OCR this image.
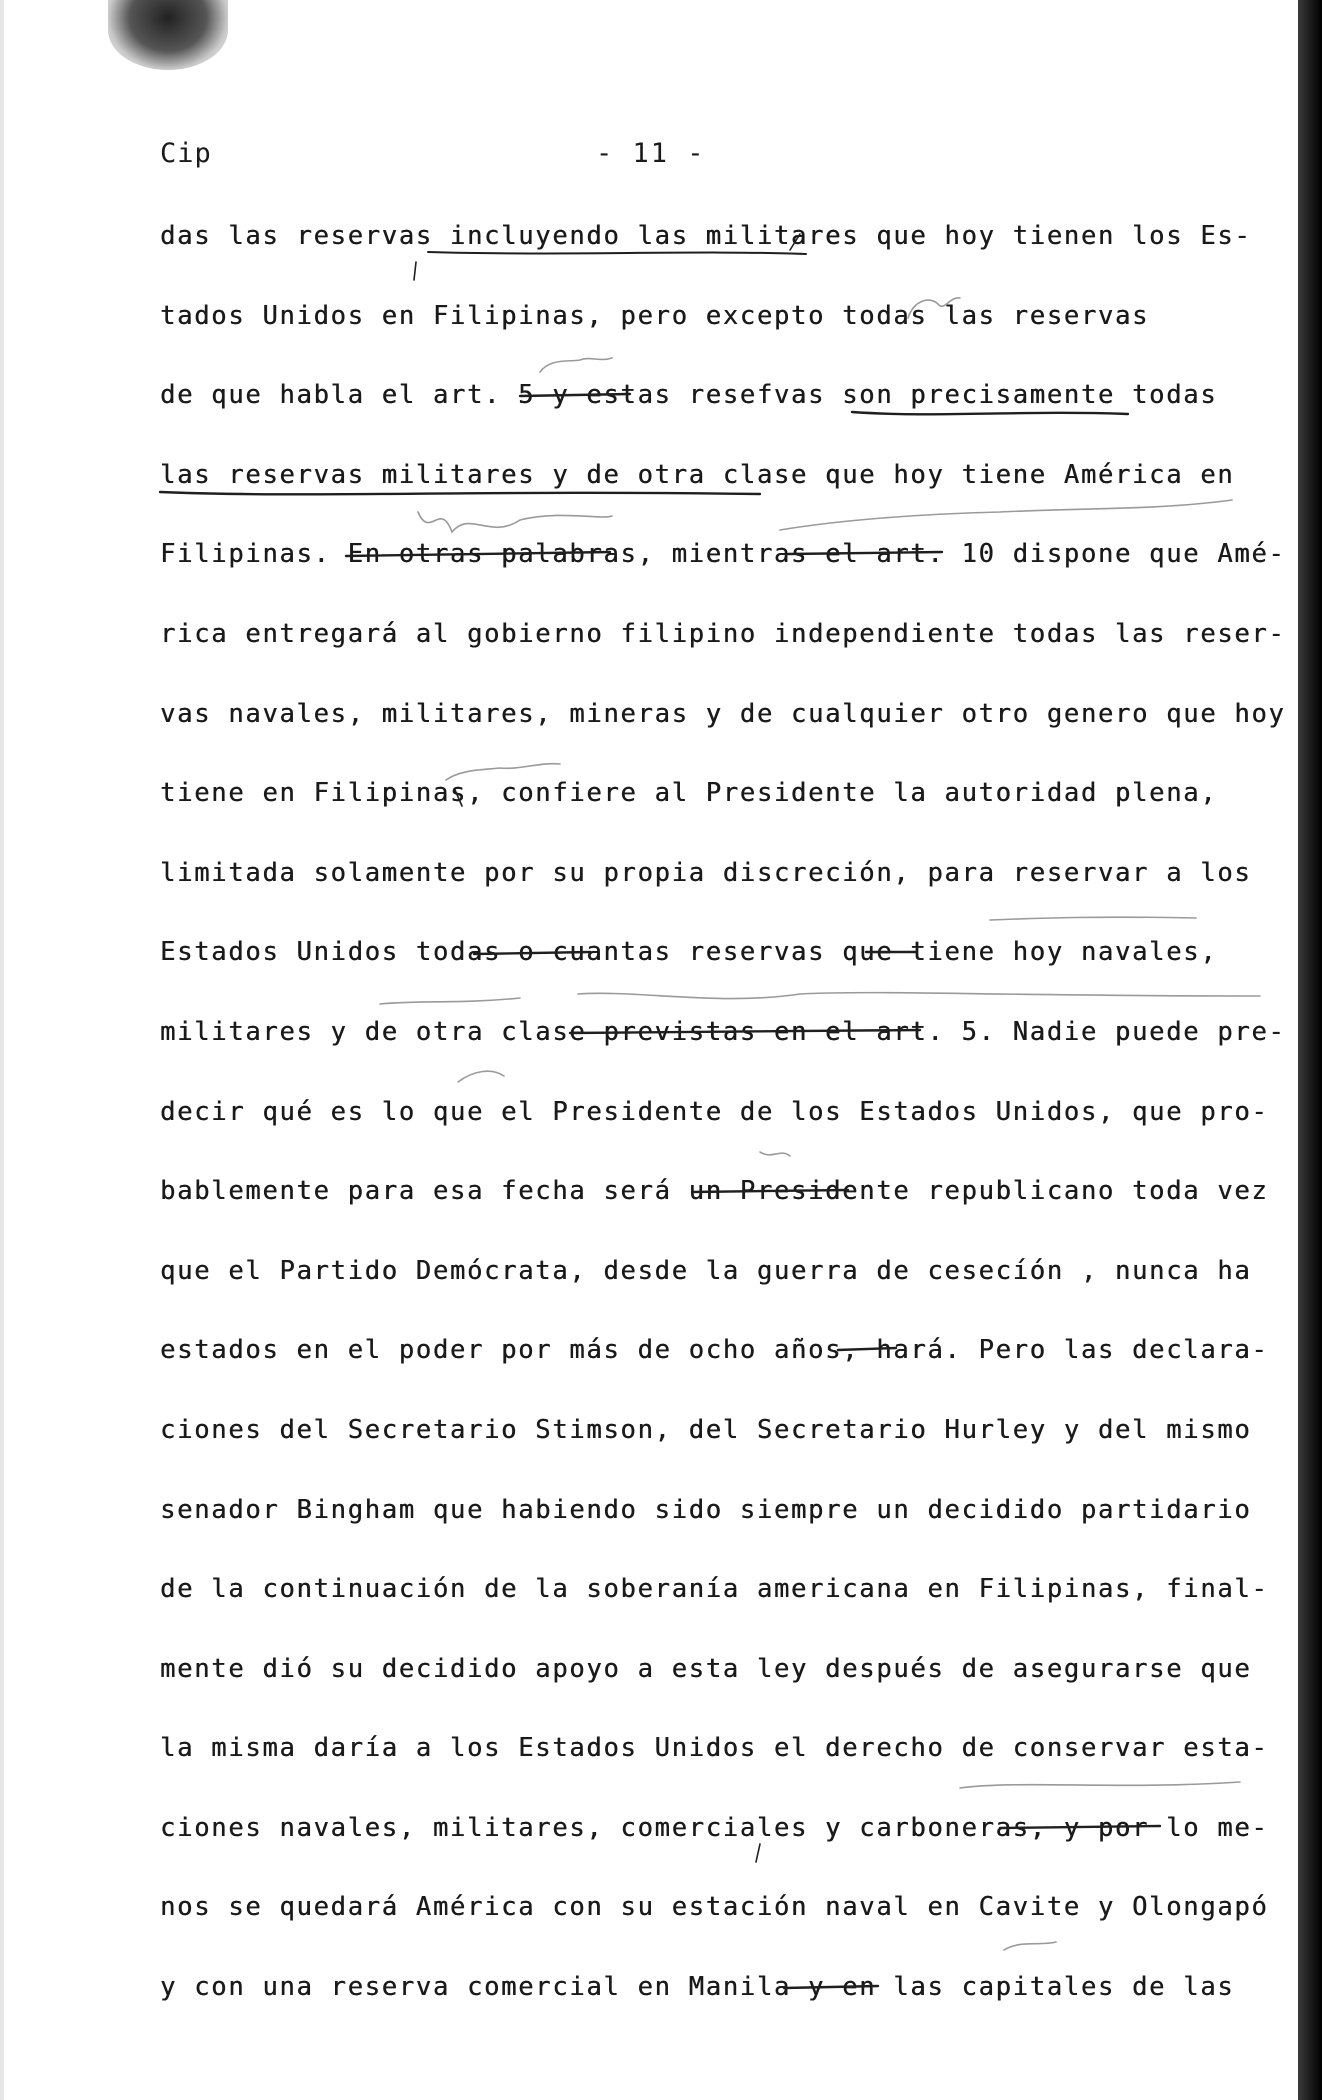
Cip	- 11 -
das las reservas incluyendo las militares que hoy tienen los Es-
tados Unidos en Filipinas, pero excepto todas las reservas
de que habla el art. 5 y estas resefvas son precisamente todas
las reservas militares y de otra clase que hoy tiene América en
Filipinas. En otras palabras, mientras el art. 10 dispone que Amé-
rica entregará al gobierno filipino independiente todas las reser-
vas navales, militares, mineras y de cualquier otro genero que hoy
tiene en Filipinas, confiere al Presidente la autoridad plena,
limitada solamente por su propia discreción, para reservar a los
Estados Unidos todas o cuantas reservas que tiene hoy navales,
militares y de otra clase previstas en el art. 5. Nadie puede pre-
decir qué es lo que el Presidente de los Estados Unidos, que pro-
bablemente para esa fecha será un Presidente republicano toda vez
que el Partido Demócrata, desde la guerra de cesecíón , nunca ha
estados en el poder por más de ocho años, hará. Pero las declara-
ciones del Secretario Stimson, del Secretario Hurley y del mismo
senador Bingham que habiendo sido siempre un decidido partidario
de la continuación de la soberanía americana en Filipinas, final-
mente dió su decidido apoyo a esta ley después de asegurarse que
la misma daría a los Estados Unidos el derecho de conservar esta-
ciones navales, militares, comerciales y carboneras, y por lo me-
nos se quedará América con su estación naval en Cavite y Olongapó
y con una reserva comercial en Manila y en las capitales de las
